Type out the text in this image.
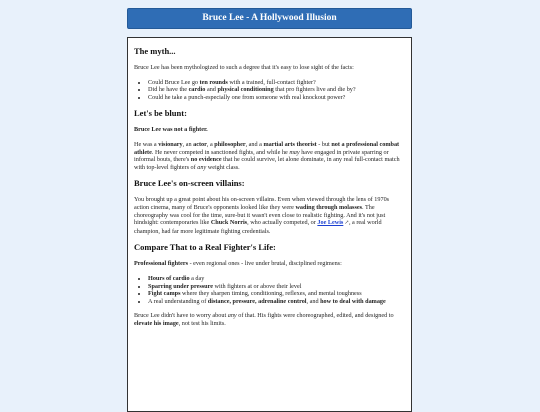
Bruce Lee - A Hollywood Illusion
The myth...

Bruce Lee has been mythologized to such a degree that it's easy to lose sight of the facts:

• Could Bruce Lee go ten rounds with a trained, full-contact fighter?
• Did he have the cardio and physical conditioning that pro fighters live and die by?
• Could he take a punch-especially one from someone with real knockout power?
Let's be blunt:

Bruce Lee was not a fighter.

He was a visionary, an actor, a philosopher, and a martial arts theorist - but not a professional combat athlete. He never competed in sanctioned fights, and while he may have engaged in private sparring or informal bouts, there's no evidence that he could survive, let alone dominate, in any real full-contact match with top-level fighters of any weight class.

Bruce Lee's on-screen villains:

You brought up a great point about his on-screen villains. Even when viewed through the lens of 1970s action cinema, many of Bruce's opponents looked like they were wading through molasses. The choreography was cool for the time, sure-but it wasn't even close to realistic fighting. And it's not just hindsight: contemporaries like Chuck Norris, who actually competed, or Joe Lewis↗, a real world champion, had far more legitimate fighting credentials.

Compare That to a Real Fighter's Life:

Professional fighters - even regional ones - live under brutal, disciplined regimens:

• Hours of cardio a day
• Sparring under pressure with fighters at or above their level
• Fight camps where they sharpen timing, conditioning, reflexes, and mental toughness
• A real understanding of distance, pressure, adrenaline control, and how to deal with damage

Bruce Lee didn't have to worry about any of that. His fights were choreographed, edited, and designed to elevate his image, not test his limits.
